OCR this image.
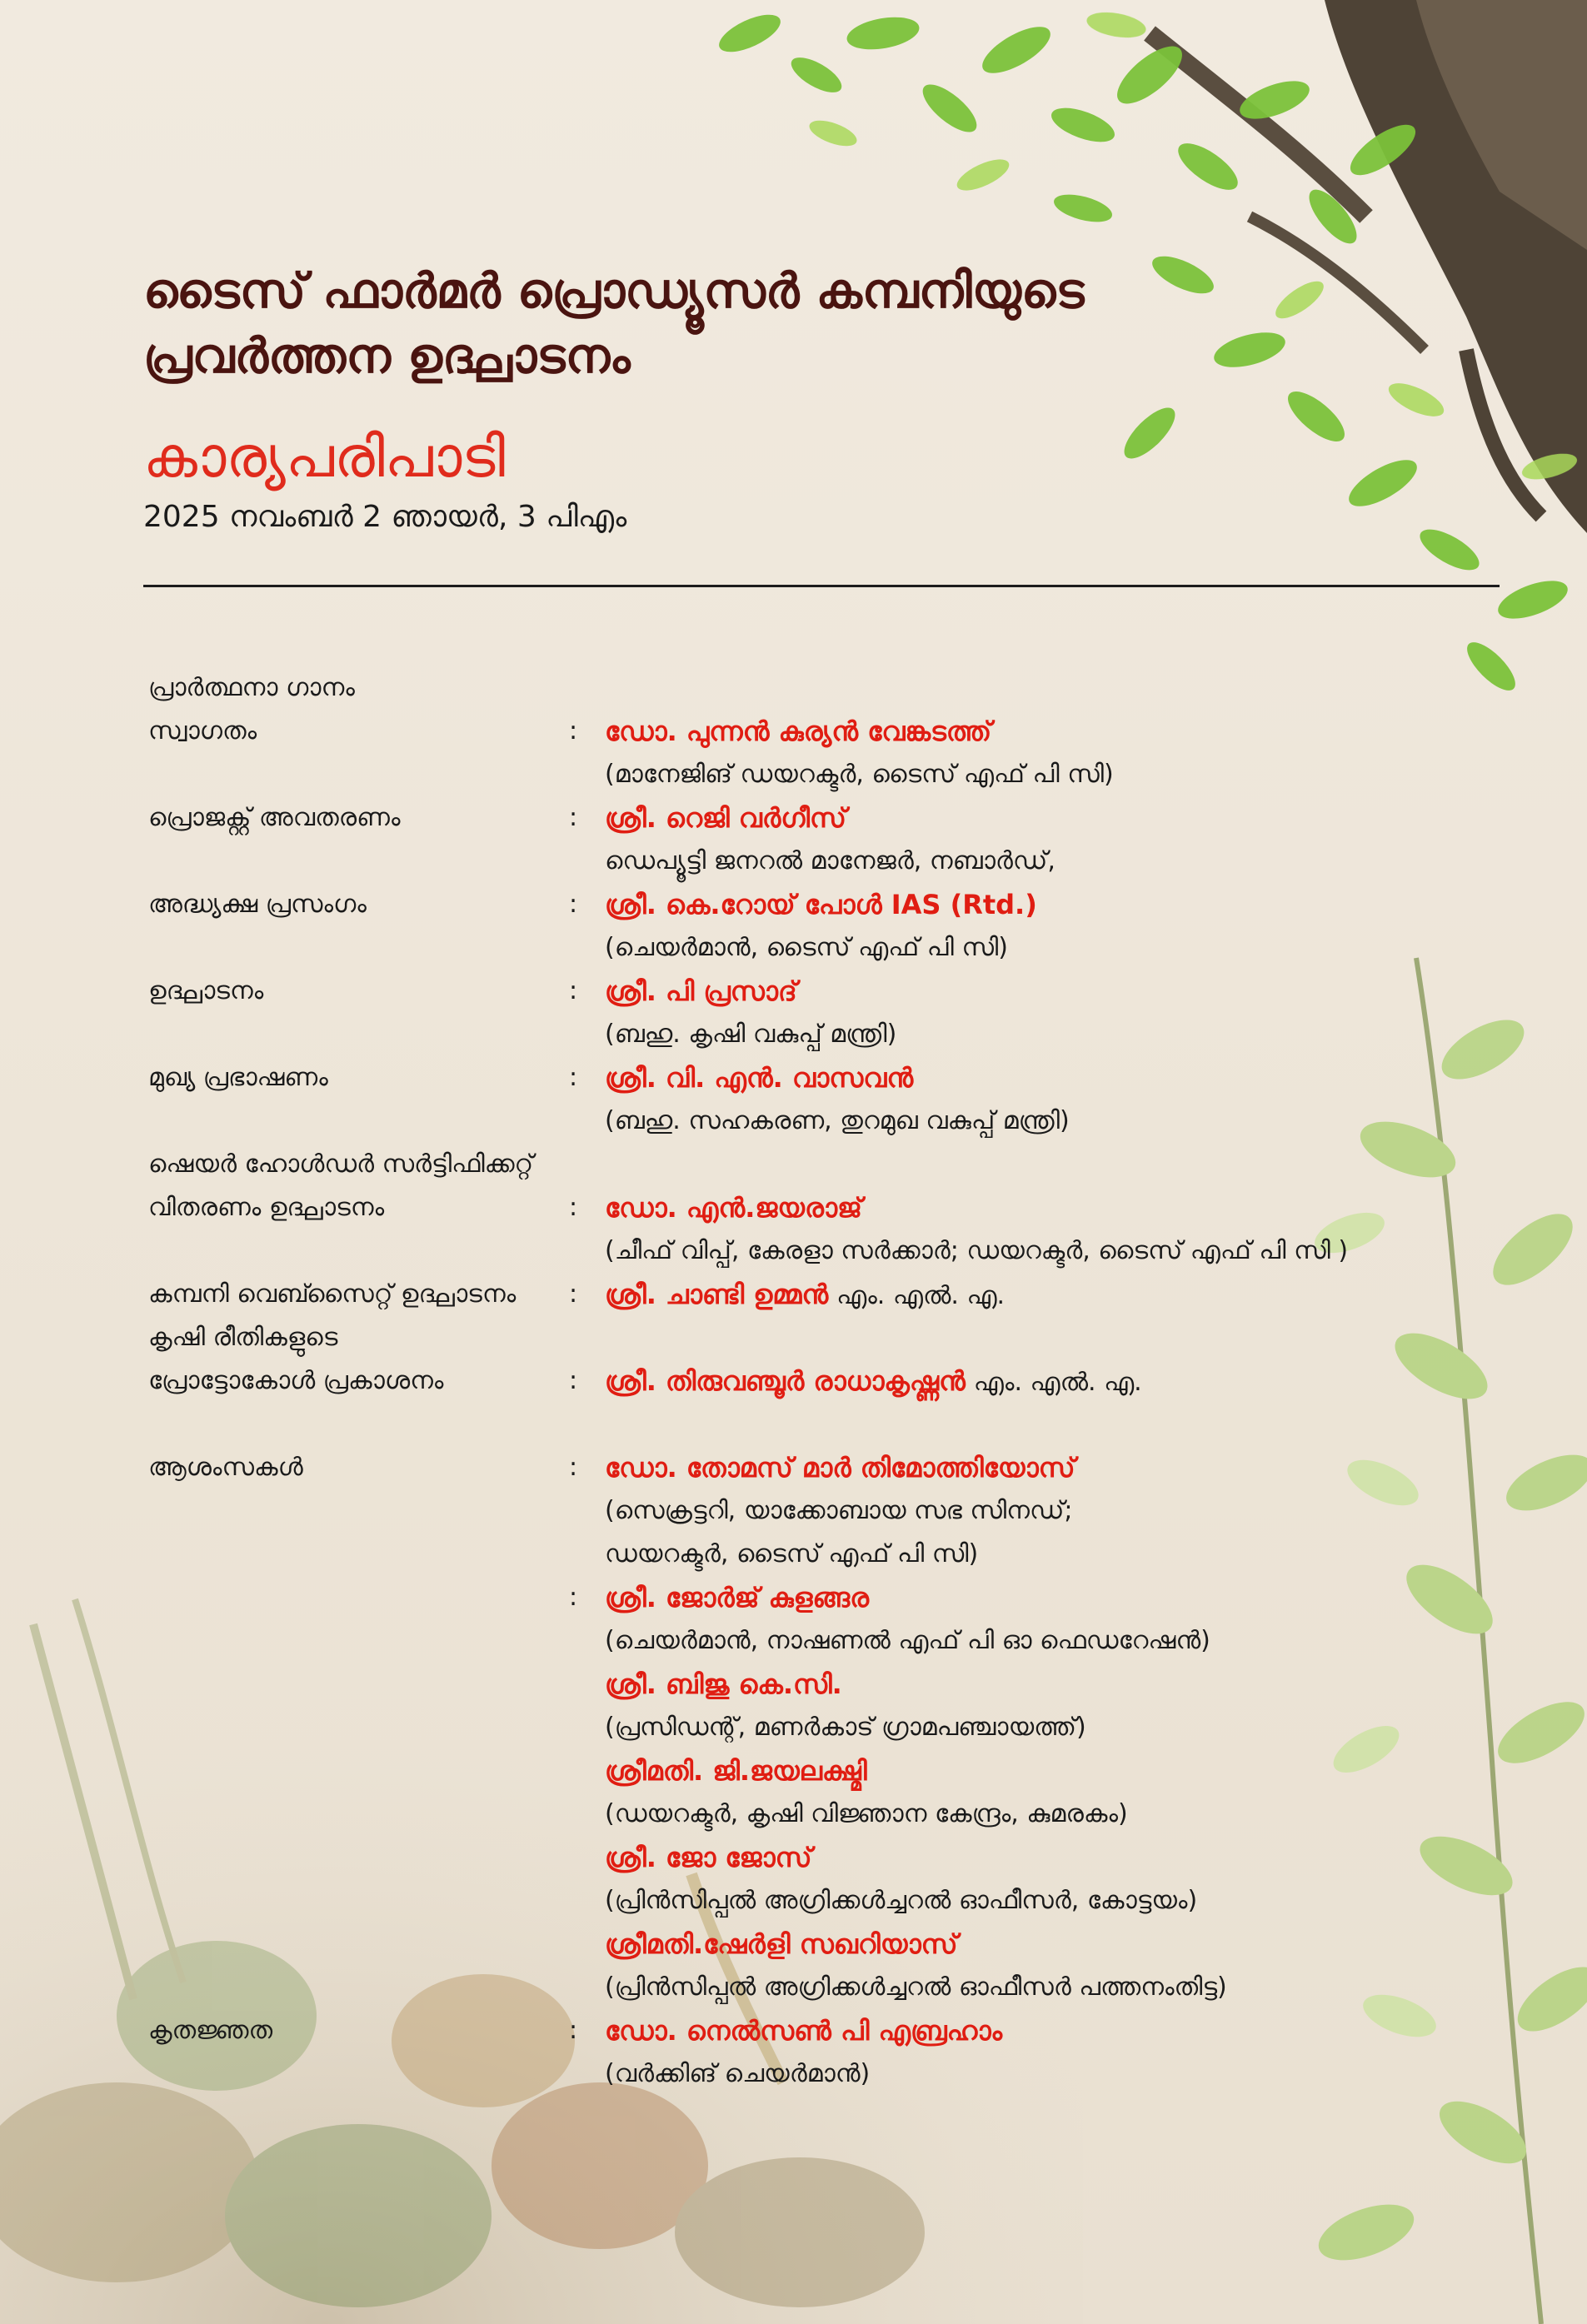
ടൈസ് ഫാർമർ പ്രൊഡ്യൂസർ കമ്പനിയുടെ
പ്രവർത്തന ഉദ്ഘാടനം
കാര്യപരിപാടി
2025 നവംബർ 2 ഞായർ, 3 പിഎം
പ്രാർത്ഥനാ ഗാനം
സ്വാഗതം	: ഡോ. പുന്നൻ കുര്യൻ വേങ്കടത്ത്
(മാനേജിങ് ഡയറക്ടർ, ടൈസ് എഫ് പി സി)
പ്രൊജക്റ്റ് അവതരണം	: ശ്രീ. റെജി വർഗീസ്
ഡെപ്യൂട്ടി ജനറൽ മാനേജർ, നബാർഡ്,
അദ്ധ്യക്ഷ പ്രസംഗം	: ശ്രീ. കെ.റോയ് പോൾ IAS (Rtd.)
(ചെയർമാൻ, ടൈസ് എഫ് പി സി)
ഉദ്ഘാടനം	: ശ്രീ. പി പ്രസാദ്
(ബഹു. കൃഷി വകുപ്പ് മന്ത്രി)
മുഖ്യ പ്രഭാഷണം	: ശ്രീ. വി. എൻ. വാസവൻ
(ബഹു. സഹകരണ, തുറമുഖ വകുപ്പ് മന്ത്രി)
ഷെയർ ഹോൾഡർ സർട്ടിഫിക്കറ്റ്
വിതരണം ഉദ്ഘാടനം	: ഡോ. എൻ.ജയരാജ്
(ചീഫ് വിപ്പ്, കേരളാ സർക്കാർ; ഡയറക്ടർ, ടൈസ് എഫ് പി സി )
കമ്പനി വെബ്സൈറ്റ് ഉദ്ഘാടനം : ശ്രീ. ചാണ്ടി ഉമ്മൻ എം. എൽ. എ.
കൃഷി രീതികളുടെ
പ്രോട്ടോകോൾ പ്രകാശനം	: ശ്രീ. തിരുവഞ്ചൂർ രാധാകൃഷ്ണൻ എം. എൽ. എ.
ആശംസകൾ	: ഡോ. തോമസ് മാർ തിമോത്തിയോസ്
(സെക്രട്ടറി, യാക്കോബായ സഭ സിനഡ്;
ഡയറക്ടർ, ടൈസ് എഫ് പി സി)
: ശ്രീ. ജോർജ് കുളങ്ങര
(ചെയർമാൻ, നാഷണൽ എഫ് പി ഓ ഫെഡറേഷൻ)
ശ്രീ. ബിജു കെ.സി.
(പ്രസിഡന്റ്, മണർകാട് ഗ്രാമപഞ്ചായത്ത്)
ശ്രീമതി. ജി.ജയലക്ഷ്മി
(ഡയറക്ടർ, കൃഷി വിജ്ഞാന കേന്ദ്രം, കുമരകം)
ശ്രീ. ജോ ജോസ്
(പ്രിൻസിപ്പൽ അഗ്രിക്കൾച്ചറൽ ഓഫീസർ, കോട്ടയം)
ശ്രീമതി.ഷേർളി സഖറിയാസ്
(പ്രിൻസിപ്പൽ അഗ്രിക്കൾച്ചറൽ ഓഫീസർ പത്തനംതിട്ട)
കൃതജ്ഞത	: ഡോ. നെൽസൺ പി എബ്രഹാം
(വർക്കിങ് ചെയർമാൻ)
